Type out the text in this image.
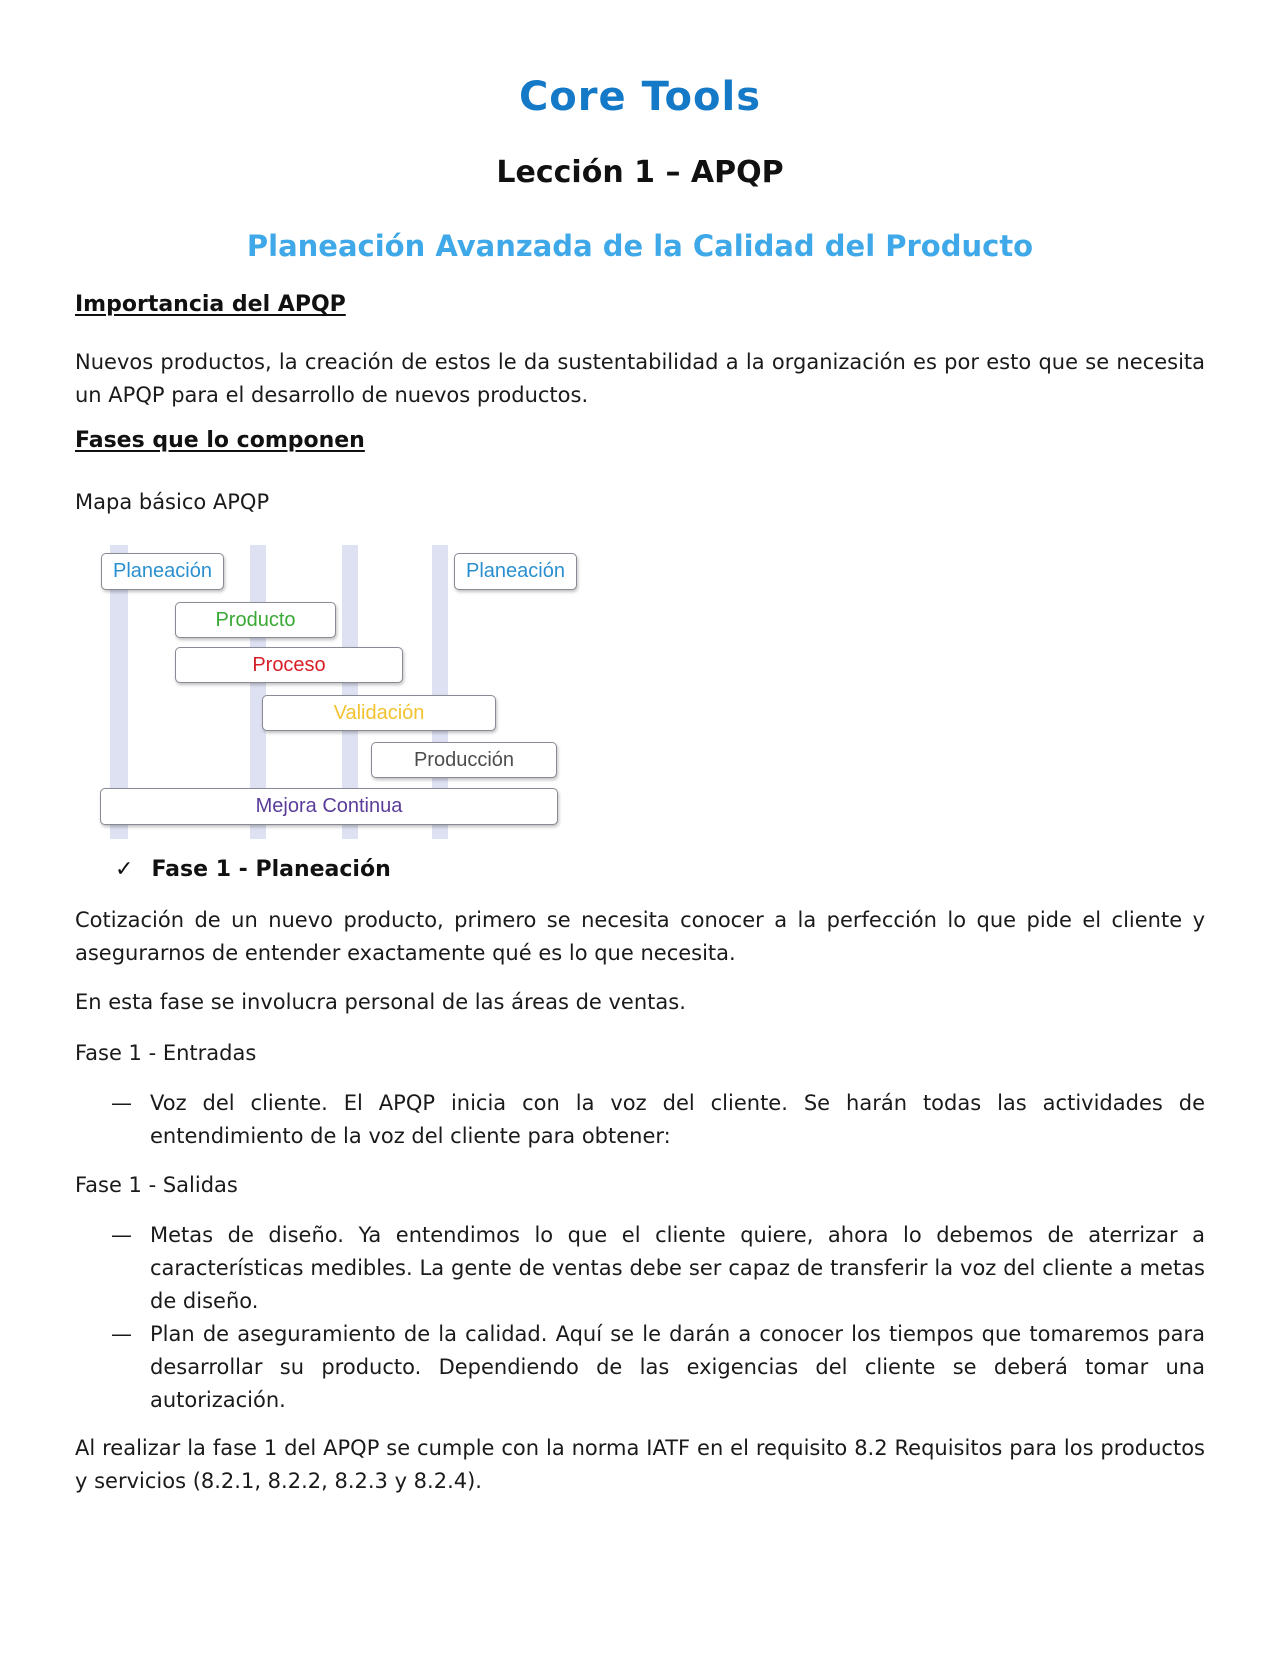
Core Tools
Lección 1 – APQP
Planeación Avanzada de la Calidad del Producto
Importancia del APQP

Nuevos productos, la creación de estos le da sustentabilidad a la organización es por esto que se necesita un APQP para el desarrollo de nuevos productos.

Fases que lo componen

Mapa básico APQP

Planeación	Planeación
Producto
Proceso
Validación
Producción
Mejora Continua

✓ Fase 1 - Planeación

Cotización de un nuevo producto, primero se necesita conocer a la perfección lo que pide el cliente y asegurarnos de entender exactamente qué es lo que necesita.

En esta fase se involucra personal de las áreas de ventas.

Fase 1 - Entradas

— Voz del cliente. El APQP inicia con la voz del cliente. Se harán todas las actividades de entendimiento de la voz del cliente para obtener:

Fase 1 - Salidas

— Metas de diseño. Ya entendimos lo que el cliente quiere, ahora lo debemos de aterrizar a características medibles. La gente de ventas debe ser capaz de transferir la voz del cliente a metas de diseño.
— Plan de aseguramiento de la calidad. Aquí se le darán a conocer los tiempos que tomaremos para desarrollar su producto. Dependiendo de las exigencias del cliente se deberá tomar una autorización.

Al realizar la fase 1 del APQP se cumple con la norma IATF en el requisito 8.2 Requisitos para los productos y servicios (8.2.1, 8.2.2, 8.2.3 y 8.2.4).
